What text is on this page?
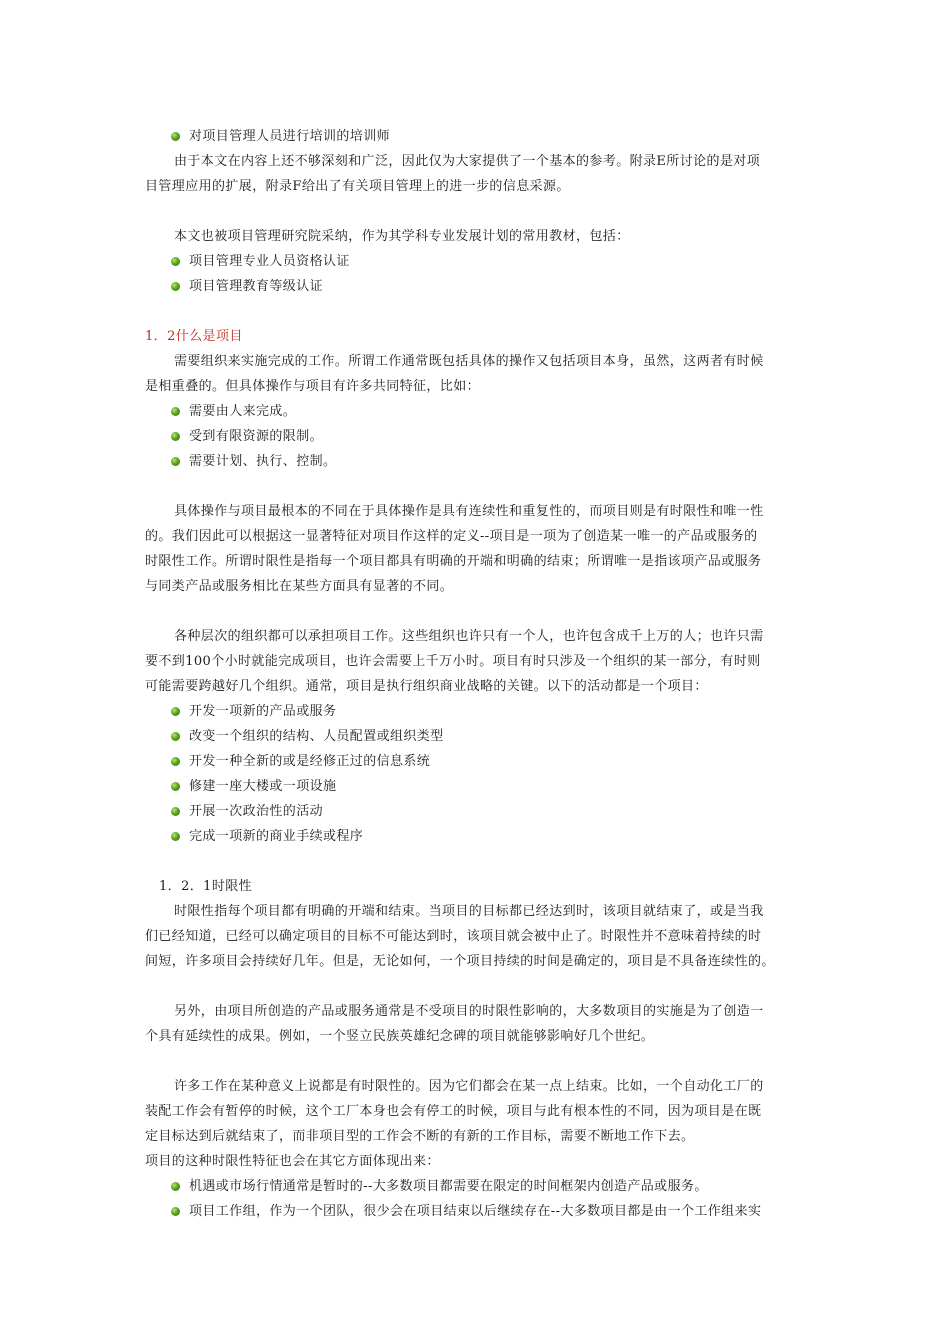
对项目管理人员进行培训的培训师
由于本文在内容上还不够深刻和广泛，因此仅为大家提供了一个基本的参考。附录E所讨论的是对项
目管理应用的扩展，附录F给出了有关项目管理上的进一步的信息采源。
本文也被项目管理研究院采纳，作为其学科专业发展计划的常用教材，包括：
项目管理专业人员资格认证
项目管理教育等级认证
1．2什么是项目
需要组织来实施完成的工作。所谓工作通常既包括具体的操作又包括项目本身，虽然，这两者有时候
是相重叠的。但具体操作与项目有许多共同特征，比如：
需要由人来完成。
受到有限资源的限制。
需要计划、执行、控制。
具体操作与项目最根本的不同在于具体操作是具有连续性和重复性的，而项目则是有时限性和唯一性
的。我们因此可以根据这一显著特征对项目作这样的定义--项目是一项为了创造某一唯一的产品或服务的
时限性工作。所谓时限性是指每一个项目都具有明确的开端和明确的结束；所谓唯一是指该项产品或服务
与同类产品或服务相比在某些方面具有显著的不同。
各种层次的组织都可以承担项目工作。这些组织也许只有一个人，也许包含成千上万的人；也许只需
要不到100个小时就能完成项目，也许会需要上千万小时。项目有时只涉及一个组织的某一部分，有时则
可能需要跨越好几个组织。通常，项目是执行组织商业战略的关键。以下的活动都是一个项目：
开发一项新的产品或服务
改变一个组织的结构、人员配置或组织类型
开发一种全新的或是经修正过的信息系统
修建一座大楼或一项设施
开展一次政治性的活动
完成一项新的商业手续或程序
1．2．1时限性
时限性指每个项目都有明确的开端和结束。当项目的目标都已经达到时，该项目就结束了，或是当我
们已经知道，已经可以确定项目的目标不可能达到时，该项目就会被中止了。时限性并不意味着持续的时
间短，许多项目会持续好几年。但是，无论如何，一个项目持续的时间是确定的，项目是不具备连续性的。
另外，由项目所创造的产品或服务通常是不受项目的时限性影响的，大多数项目的实施是为了创造一
个具有延续性的成果。例如，一个竖立民族英雄纪念碑的项目就能够影响好几个世纪。
许多工作在某种意义上说都是有时限性的。因为它们都会在某一点上结束。比如，一个自动化工厂的
装配工作会有暂停的时候，这个工厂本身也会有停工的时候，项目与此有根本性的不同，因为项目是在既
定目标达到后就结束了，而非项目型的工作会不断的有新的工作目标，需要不断地工作下去。
项目的这种时限性特征也会在其它方面体现出来：
机遇或市场行情通常是暂时的--大多数项目都需要在限定的时间框架内创造产品或服务。
项目工作组，作为一个团队，很少会在项目结束以后继续存在--大多数项目都是由一个工作组来实
